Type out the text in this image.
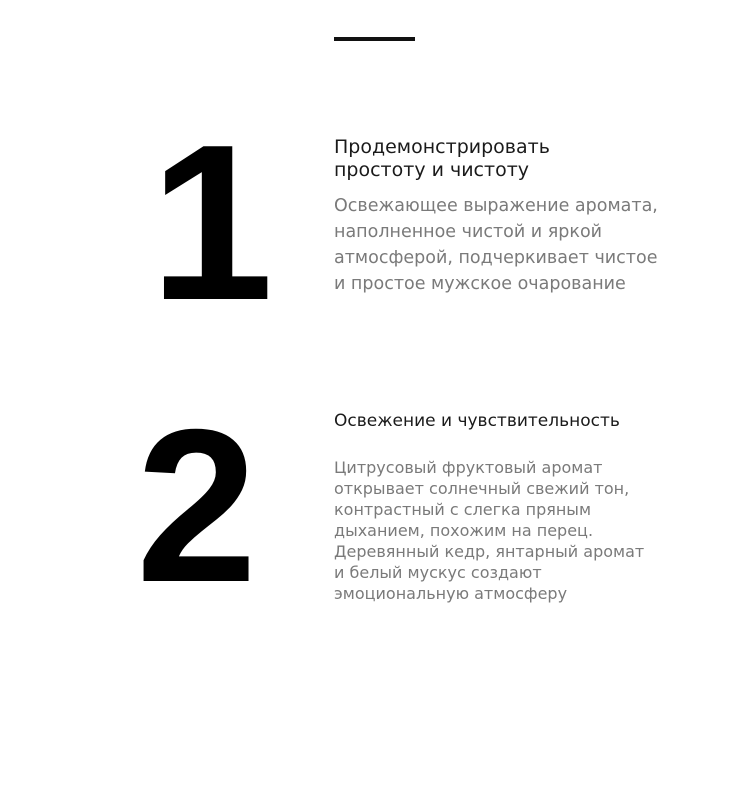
1	Продемонстрировать
простоту и чистоту
Освежающее выражение аромата,
наполненное чистой и яркой
атмосферой, подчеркивает чистое
и простое мужское очарование
2	Освежение и чувствительность
Цитрусовый фруктовый аромат
открывает солнечный свежий тон,
контрастный с слегка пряным
дыханием, похожим на перец.
Деревянный кедр, янтарный аромат
и белый мускус создают
эмоциональную атмосферу
